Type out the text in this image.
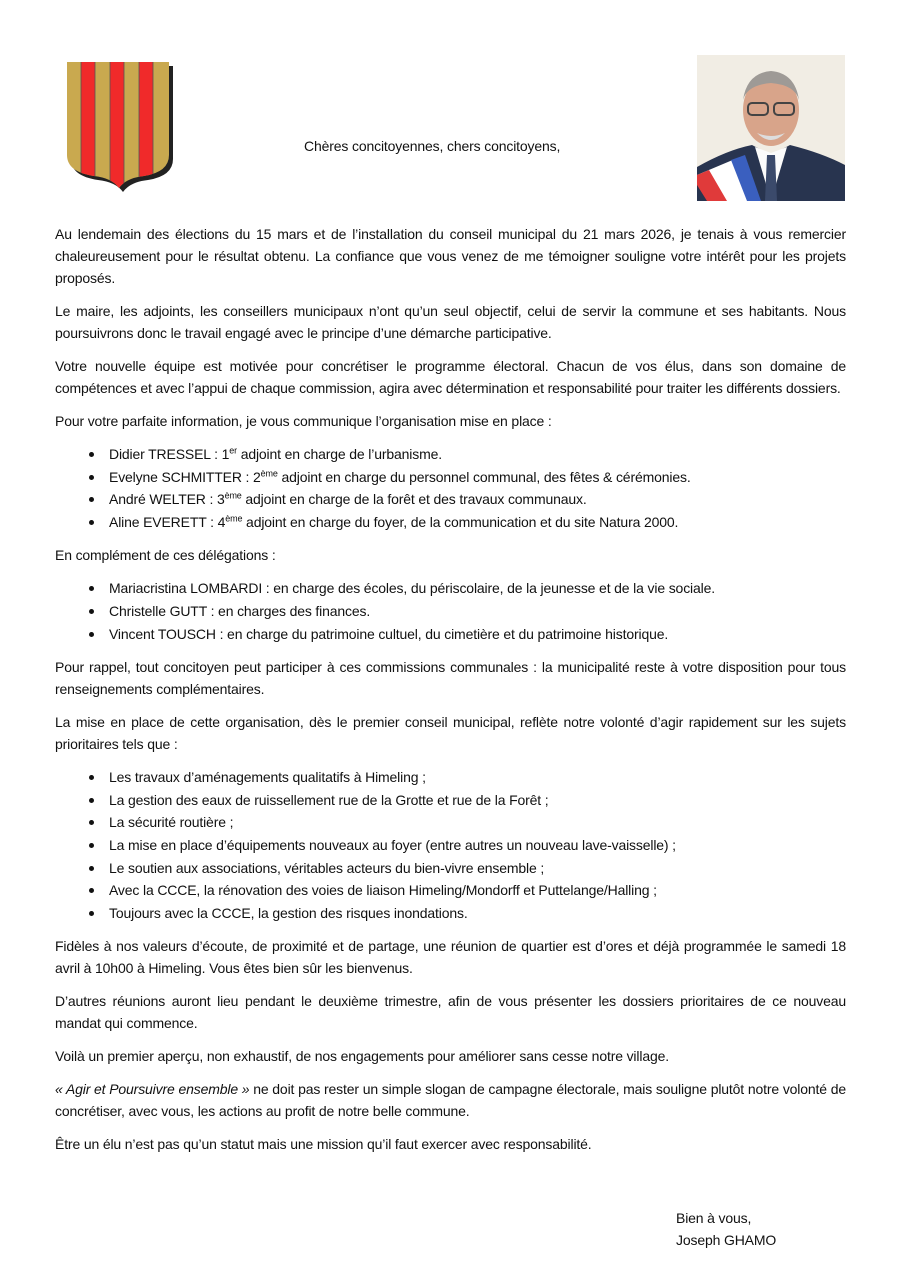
Chères concitoyennes, chers concitoyens,

Au lendemain des élections du 15 mars et de l’installation du conseil municipal du 21 mars 2026, je tenais à vous remercier chaleureusement pour le résultat obtenu. La confiance que vous venez de me témoigner souligne votre intérêt pour les projets proposés.

Le maire, les adjoints, les conseillers municipaux n’ont qu’un seul objectif, celui de servir la commune et ses habitants. Nous poursuivrons donc le travail engagé avec le principe d’une démarche participative.

Votre nouvelle équipe est motivée pour concrétiser le programme électoral. Chacun de vos élus, dans son domaine de compétences et avec l’appui de chaque commission, agira avec détermination et responsabilité pour traiter les différents dossiers.

Pour votre parfaite information, je vous communique l’organisation mise en place :

Didier TRESSEL : 1er adjoint en charge de l’urbanisme.
Evelyne SCHMITTER : 2ème adjoint en charge du personnel communal, des fêtes & cérémonies.
André WELTER : 3ème adjoint en charge de la forêt et des travaux communaux.
Aline EVERETT : 4ème adjoint en charge du foyer, de la communication et du site Natura 2000.

En complément de ces délégations :

Mariacristina LOMBARDI : en charge des écoles, du périscolaire, de la jeunesse et de la vie sociale.
Christelle GUTT : en charges des finances.
Vincent TOUSCH : en charge du patrimoine cultuel, du cimetière et du patrimoine historique.

Pour rappel, tout concitoyen peut participer à ces commissions communales : la municipalité reste à votre disposition pour tous renseignements complémentaires.

La mise en place de cette organisation, dès le premier conseil municipal, reflète notre volonté d’agir rapidement sur les sujets prioritaires tels que :

Les travaux d’aménagements qualitatifs à Himeling ;
La gestion des eaux de ruissellement rue de la Grotte et rue de la Forêt ;
La sécurité routière ;
La mise en place d’équipements nouveaux au foyer (entre autres un nouveau lave-vaisselle) ;
Le soutien aux associations, véritables acteurs du bien-vivre ensemble ;
Avec la CCCE, la rénovation des voies de liaison Himeling/Mondorff et Puttelange/Halling ;
Toujours avec la CCCE, la gestion des risques inondations.

Fidèles à nos valeurs d’écoute, de proximité et de partage, une réunion de quartier est d’ores et déjà programmée le samedi 18 avril à 10h00 à Himeling. Vous êtes bien sûr les bienvenus.

D’autres réunions auront lieu pendant le deuxième trimestre, afin de vous présenter les dossiers prioritaires de ce nouveau mandat qui commence.

Voilà un premier aperçu, non exhaustif, de nos engagements pour améliorer sans cesse notre village.

« Agir et Poursuivre ensemble » ne doit pas rester un simple slogan de campagne électorale, mais souligne plutôt notre volonté de concrétiser, avec vous, les actions au profit de notre belle commune.

Être un élu n’est pas qu’un statut mais une mission qu’il faut exercer avec responsabilité.

Bien à vous,
Joseph GHAMO
